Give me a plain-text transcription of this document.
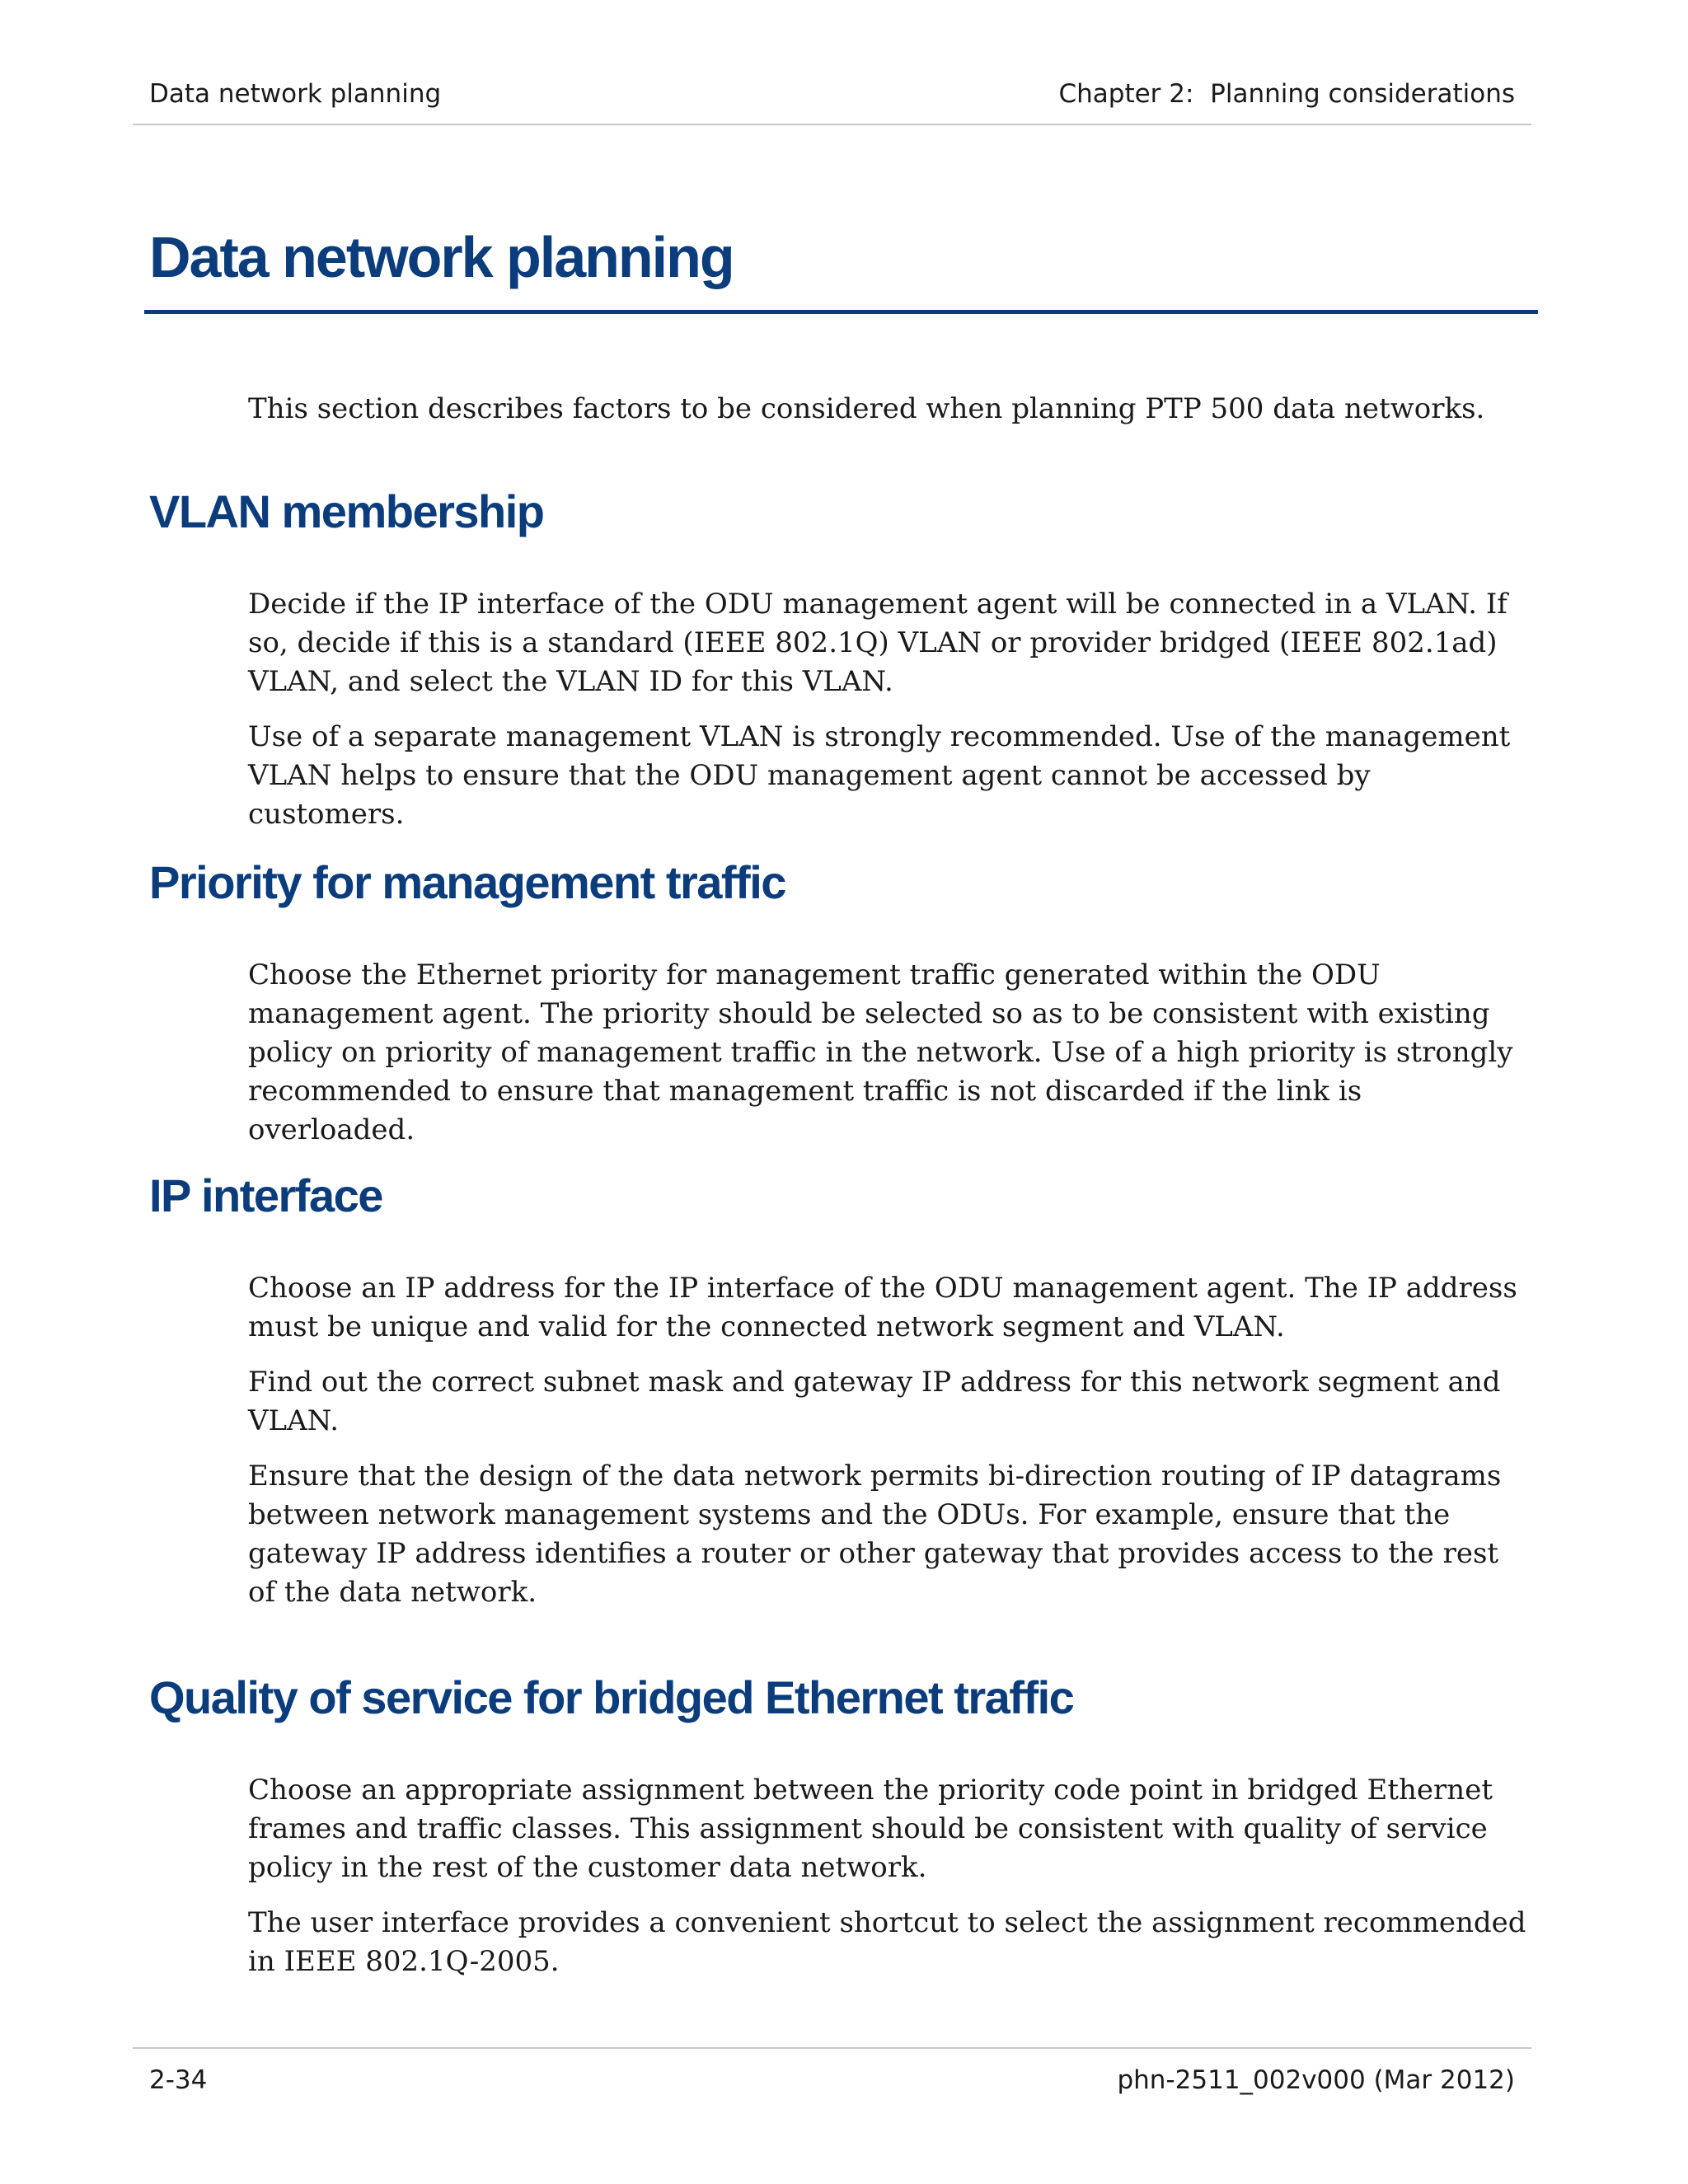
Data network planning	Chapter 2:  Planning considerations
Data network planning

This section describes factors to be considered when planning PTP 500 data networks.

VLAN membership

Decide if the IP interface of the ODU management agent will be connected in a VLAN. If so, decide if this is a standard (IEEE 802.1Q) VLAN or provider bridged (IEEE 802.1ad) VLAN, and select the VLAN ID for this VLAN.

Use of a separate management VLAN is strongly recommended. Use of the management VLAN helps to ensure that the ODU management agent cannot be accessed by customers.

Priority for management traffic

Choose the Ethernet priority for management traffic generated within the ODU management agent. The priority should be selected so as to be consistent with existing policy on priority of management traffic in the network. Use of a high priority is strongly recommended to ensure that management traffic is not discarded if the link is overloaded.

IP interface

Choose an IP address for the IP interface of the ODU management agent. The IP address must be unique and valid for the connected network segment and VLAN.

Find out the correct subnet mask and gateway IP address for this network segment and VLAN.

Ensure that the design of the data network permits bi-direction routing of IP datagrams between network management systems and the ODUs. For example, ensure that the gateway IP address identifies a router or other gateway that provides access to the rest of the data network.

Quality of service for bridged Ethernet traffic

Choose an appropriate assignment between the priority code point in bridged Ethernet frames and traffic classes. This assignment should be consistent with quality of service policy in the rest of the customer data network.

The user interface provides a convenient shortcut to select the assignment recommended in IEEE 802.1Q-2005.

2-34	phn-2511_002v000 (Mar 2012)
